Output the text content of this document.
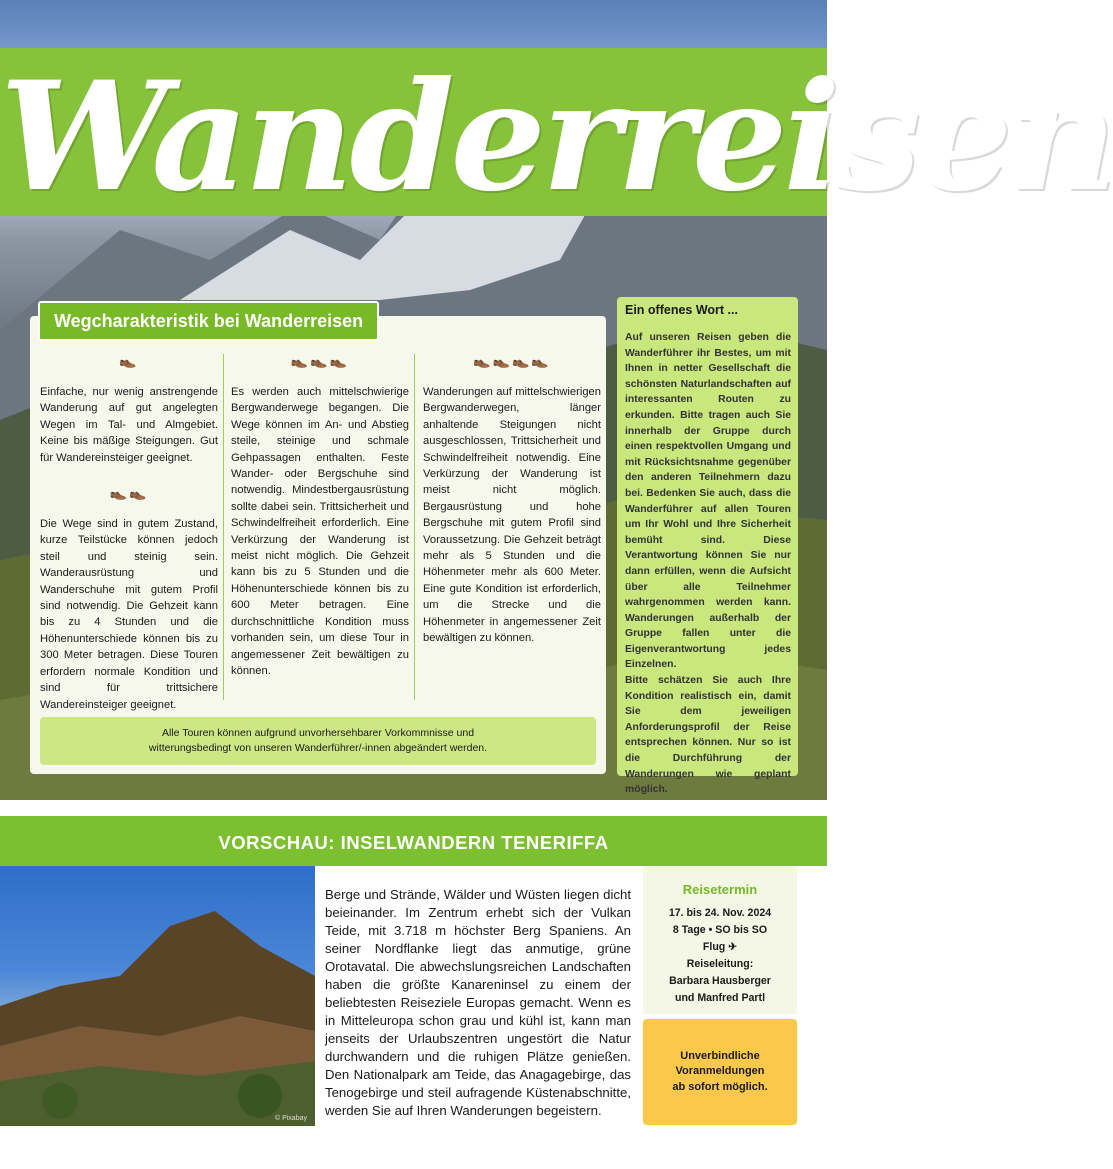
Wanderreisen
Wegcharakteristik bei Wanderreisen
👞

Einfache, nur wenig anstrengende Wanderung auf gut angelegten Wegen im Tal- und Almgebiet. Keine bis mäßige Steigungen. Gut für Wandereinsteiger geeignet.

👞👞

Die Wege sind in gutem Zustand, kurze Teilstücke können jedoch steil und steinig sein. Wanderausrüstung und Wanderschuhe mit gutem Profil sind notwendig. Die Gehzeit kann bis zu 4 Stunden und die Höhenunterschiede können bis zu 300 Meter betragen. Diese Touren erfordern normale Kondition und sind für trittsichere Wandereinsteiger geeignet.

👞👞👞

Es werden auch mittelschwierige Bergwanderwege begangen. Die Wege können im An- und Abstieg steile, steinige und schmale Gehpassagen enthalten. Feste Wander- oder Bergschuhe sind notwendig. Mindestbergausrüstung sollte dabei sein. Trittsicherheit und Schwindelfreiheit erforderlich. Eine Verkürzung der Wanderung ist meist nicht möglich. Die Gehzeit kann bis zu 5 Stunden und die Höhenunterschiede können bis zu 600 Meter betragen. Eine durchschnittliche Kondition muss vorhanden sein, um diese Tour in angemessener Zeit bewältigen zu können.

👞👞👞👞

Wanderungen auf mittelschwierigen Bergwanderwegen, länger anhaltende Steigungen nicht ausgeschlossen, Trittsicherheit und Schwindelfreiheit notwendig. Eine Verkürzung der Wanderung ist meist nicht möglich. Bergausrüstung und hohe Bergschuhe mit gutem Profil sind Voraussetzung. Die Gehzeit beträgt mehr als 5 Stunden und die Höhenmeter mehr als 600 Meter. Eine gute Kondition ist erforderlich, um die Strecke und die Höhenmeter in angemessener Zeit bewältigen zu können.

Alle Touren können aufgrund unvorhersehbarer Vorkommnisse und
witterungsbedingt von unseren Wanderführer/-innen abgeändert werden.
Ein offenes Wort ...
Auf unseren Reisen geben die Wanderführer ihr Bestes, um mit Ihnen in netter Gesellschaft die schönsten Naturlandschaften auf interessanten Routen zu erkunden. Bitte tragen auch Sie innerhalb der Gruppe durch einen respektvollen Umgang und mit Rücksichtsnahme gegenüber den anderen Teilnehmern dazu bei. Bedenken Sie auch, dass die Wanderführer auf allen Touren um Ihr Wohl und Ihre Sicherheit bemüht sind. Diese Verantwortung können Sie nur dann erfüllen, wenn die Aufsicht über alle Teilnehmer wahrgenommen werden kann. Wanderungen außerhalb der Gruppe fallen unter die Eigenverantwortung jedes Einzelnen.
Bitte schätzen Sie auch Ihre Kondition realistisch ein, damit Sie dem jeweiligen Anforderungsprofil der Reise entsprechen können. Nur so ist die Durchführung der Wanderungen wie geplant möglich.
VORSCHAU: INSELWANDERN TENERIFFA
© Pixabay
Berge und Strände, Wälder und Wüsten liegen dicht beieinander. Im Zentrum erhebt sich der Vulkan Teide, mit 3.718 m höchster Berg Spaniens. An seiner Nordflanke liegt das anmutige, grüne Orotavatal. Die abwechslungsreichen Landschaften haben die größte Kanareninsel zu einem der beliebtesten Reiseziele Europas gemacht. Wenn es in Mitteleuropa schon grau und kühl ist, kann man jenseits der Urlaubszentren ungestört die Natur durchwandern und die ruhigen Plätze genießen. Den Nationalpark am Teide, das Anagagebirge, das Tenogebirge und steil aufragende Küstenabschnitte, werden Sie auf Ihren Wanderungen begeistern.
Reisetermin
17. bis 24. Nov. 2024
8 Tage • SO bis SO
Flug ✈
Reiseleitung:
Barbara Hausberger
und Manfred Partl
Unverbindliche
Voranmeldungen
ab sofort möglich.
